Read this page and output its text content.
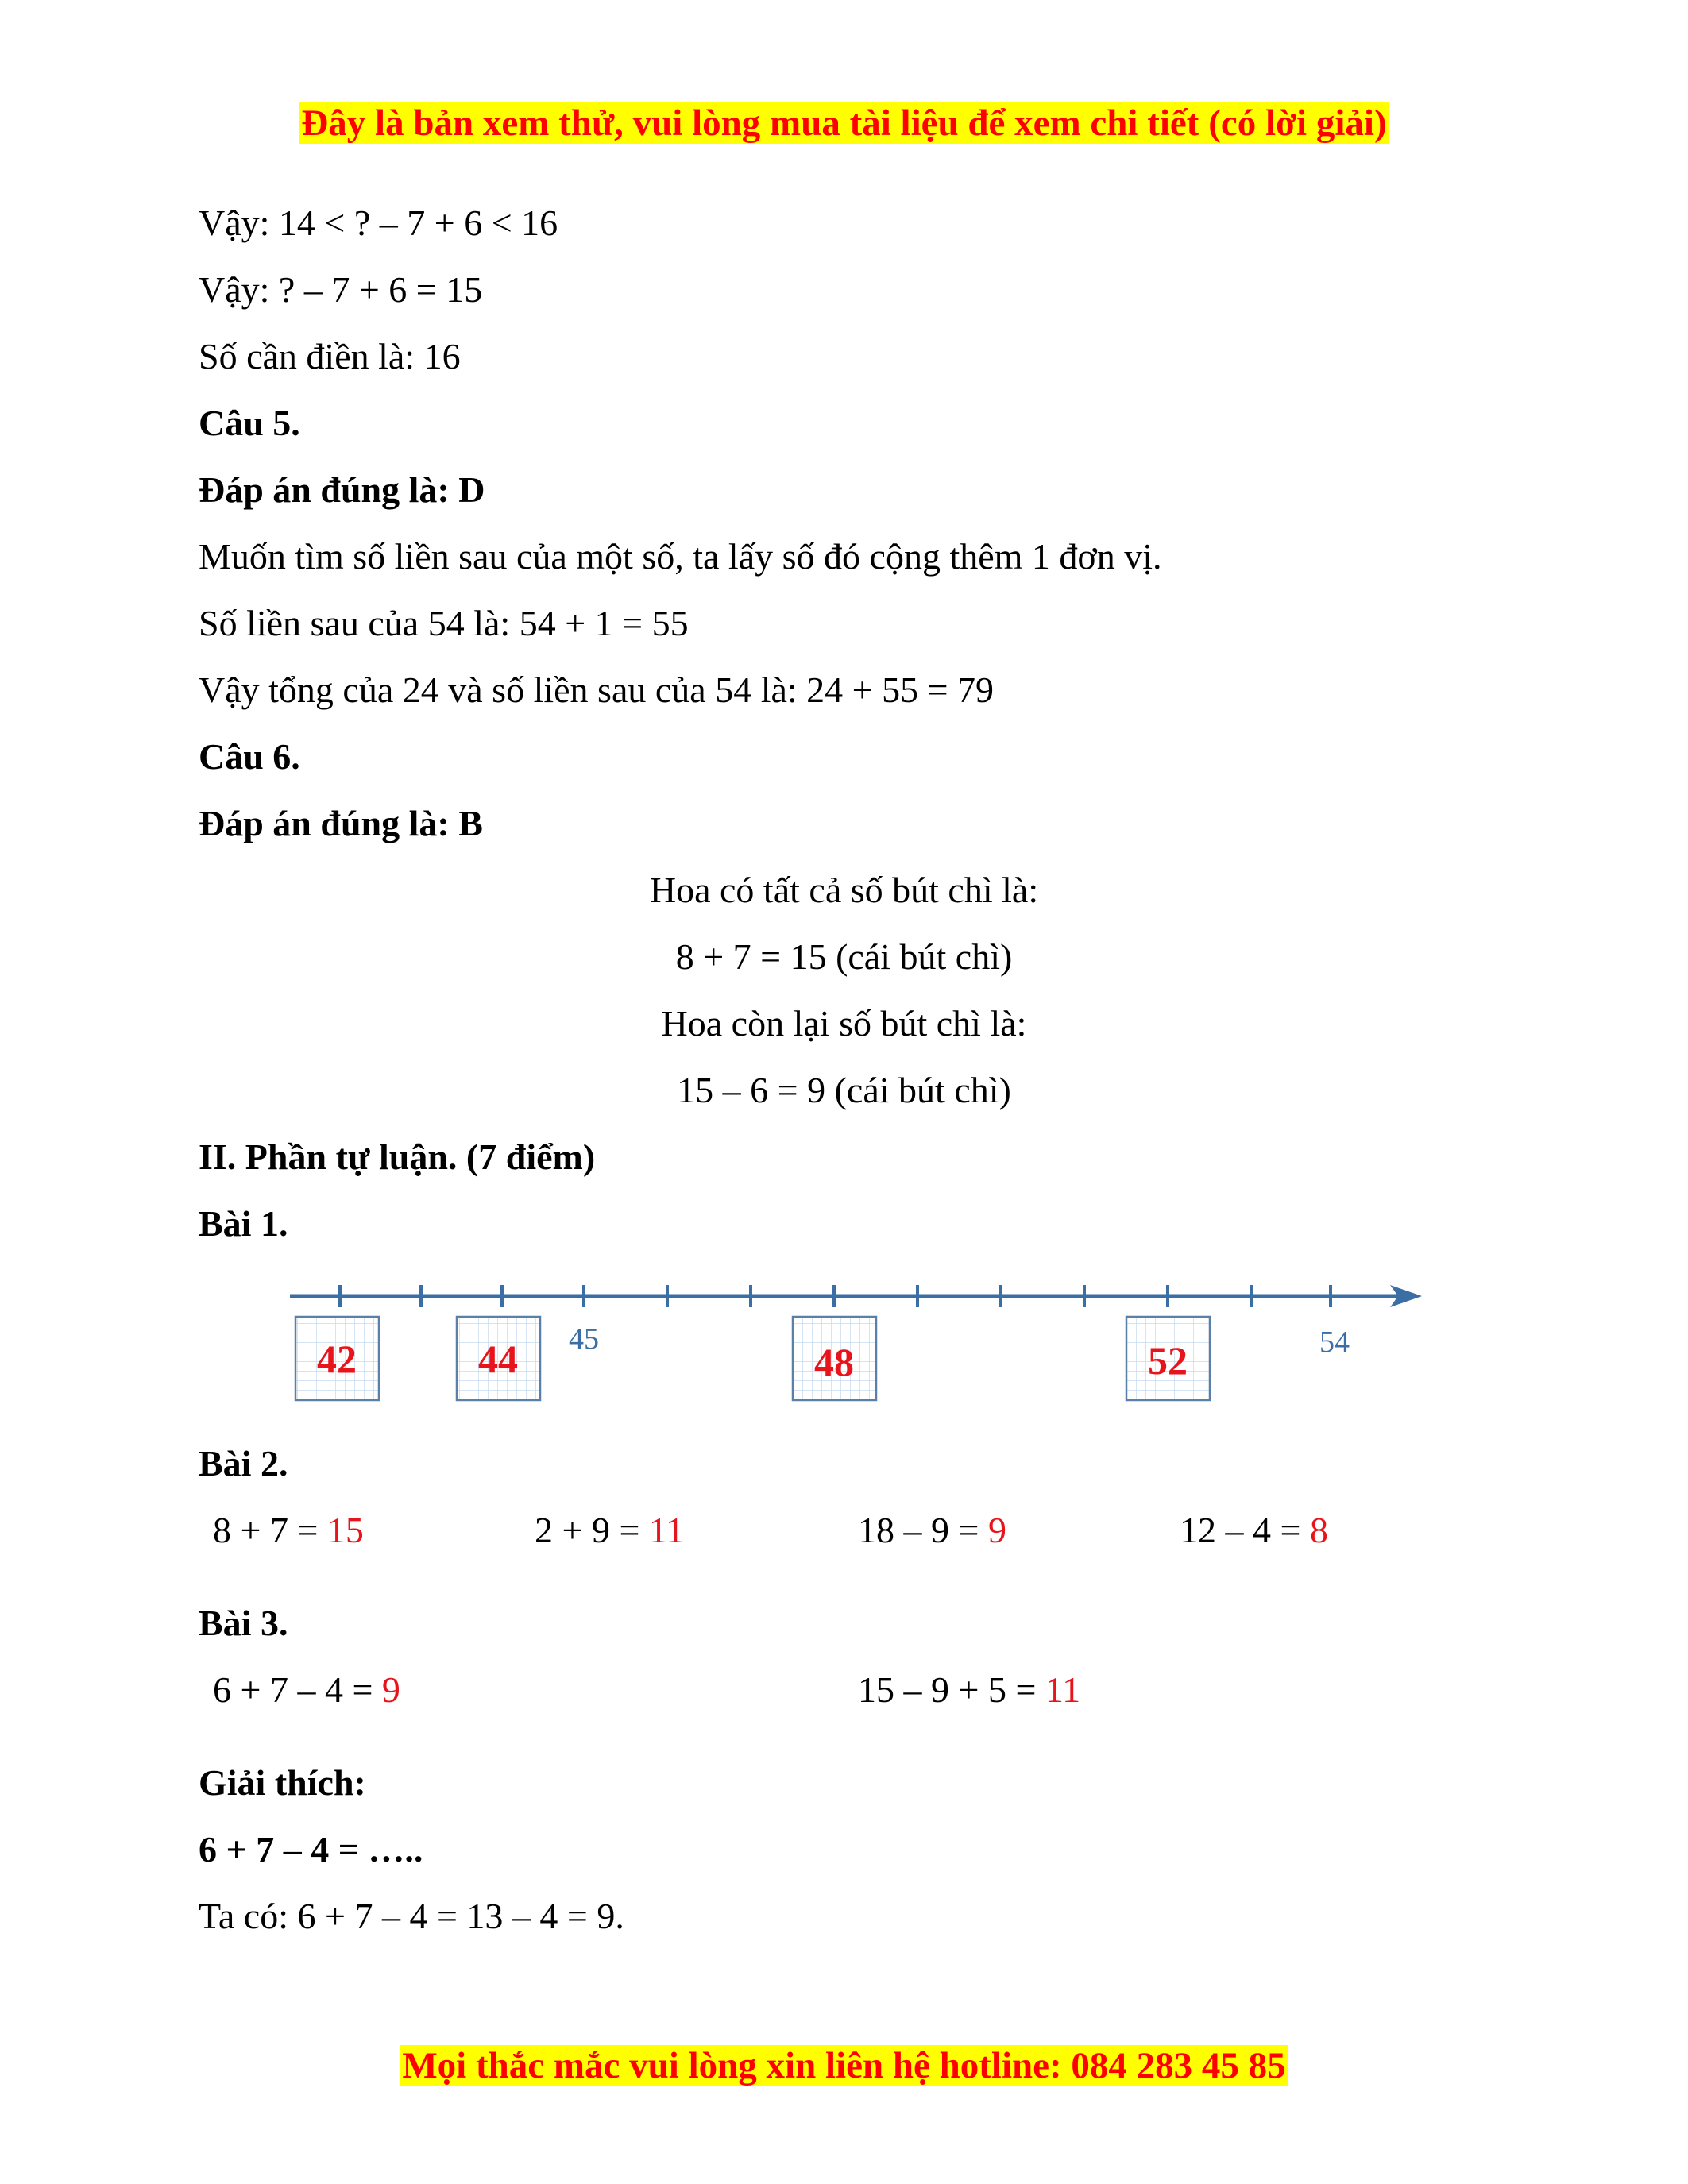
Đây là bản xem thử, vui lòng mua tài liệu để xem chi tiết (có lời giải)
Vậy: 14 < ? – 7 + 6 < 16
Vậy: ? – 7 + 6 = 15
Số cần điền là: 16
Câu 5.
Đáp án đúng là: D
Muốn tìm số liền sau của một số, ta lấy số đó cộng thêm 1 đơn vị.
Số liền sau của 54 là: 54 + 1 = 55
Vậy tổng của 24 và số liền sau của 54 là: 24 + 55 = 79
Câu 6.
Đáp án đúng là: B
Hoa có tất cả số bút chì là:
8 + 7 = 15 (cái bút chì)
Hoa còn lại số bút chì là:
15 – 6 = 9 (cái bút chì)
II. Phần tự luận. (7 điểm)
Bài 1.
42	44	48	52
45	54
Bài 2.
8 + 7 = 15	2 + 9 = 11	18 – 9 = 9	12 – 4 = 8
Bài 3.
6 + 7 – 4 = 9	15 – 9 + 5 = 11
Giải thích:
6 + 7 – 4 = …..
Ta có: 6 + 7 – 4 = 13 – 4 = 9.
Mọi thắc mắc vui lòng xin liên hệ hotline: 084 283 45 85
